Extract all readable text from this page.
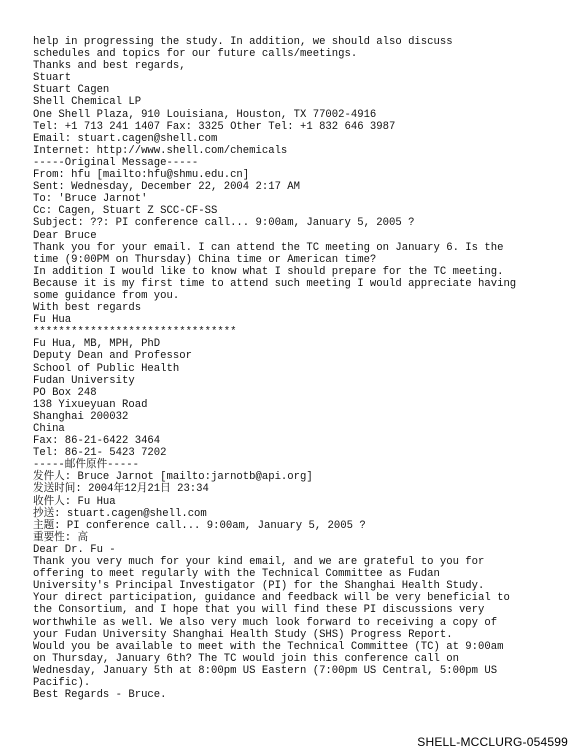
help in progressing the study. In addition, we should also discuss
schedules and topics for our future calls/meetings.
Thanks and best regards,
Stuart
Stuart Cagen
Shell Chemical LP
One Shell Plaza, 910 Louisiana, Houston, TX 77002-4916
Tel: +1 713 241 1407 Fax: 3325 Other Tel: +1 832 646 3987
Email: stuart.cagen@shell.com
Internet: http://www.shell.com/chemicals
-----Original Message-----
From: hfu [mailto:hfu@shmu.edu.cn]
Sent: Wednesday, December 22, 2004 2:17 AM
To: 'Bruce Jarnot'
Cc: Cagen, Stuart Z SCC-CF-SS
Subject: ??: PI conference call... 9:00am, January 5, 2005 ?
Dear Bruce
Thank you for your email. I can attend the TC meeting on January 6. Is the
time (9:00PM on Thursday) China time or American time?
In addition I would like to know what I should prepare for the TC meeting.
Because it is my first time to attend such meeting I would appreciate having
some guidance from you.
With best regards
Fu Hua
********************************
Fu Hua, MB, MPH, PhD
Deputy Dean and Professor
School of Public Health
Fudan University
PO Box 248
138 Yixueyuan Road
Shanghai 200032
China
Fax: 86-21-6422 3464
Tel: 86-21- 5423 7202
-----邮件原件-----
发件人: Bruce Jarnot [mailto:jarnotb@api.org]
发送时间: 2004年12月21日 23:34
收件人: Fu Hua
抄送: stuart.cagen@shell.com
主题: PI conference call... 9:00am, January 5, 2005 ?
重要性: 高
Dear Dr. Fu -
Thank you very much for your kind email, and we are grateful to you for
offering to meet regularly with the Technical Committee as Fudan
University's Principal Investigator (PI) for the Shanghai Health Study.
Your direct participation, guidance and feedback will be very beneficial to
the Consortium, and I hope that you will find these PI discussions very
worthwhile as well. We also very much look forward to receiving a copy of
your Fudan University Shanghai Health Study (SHS) Progress Report.
Would you be available to meet with the Technical Committee (TC) at 9:00am
on Thursday, January 6th? The TC would join this conference call on
Wednesday, January 5th at 8:00pm US Eastern (7:00pm US Central, 5:00pm US
Pacific).
Best Regards - Bruce.
SHELL-MCCLURG-054599
